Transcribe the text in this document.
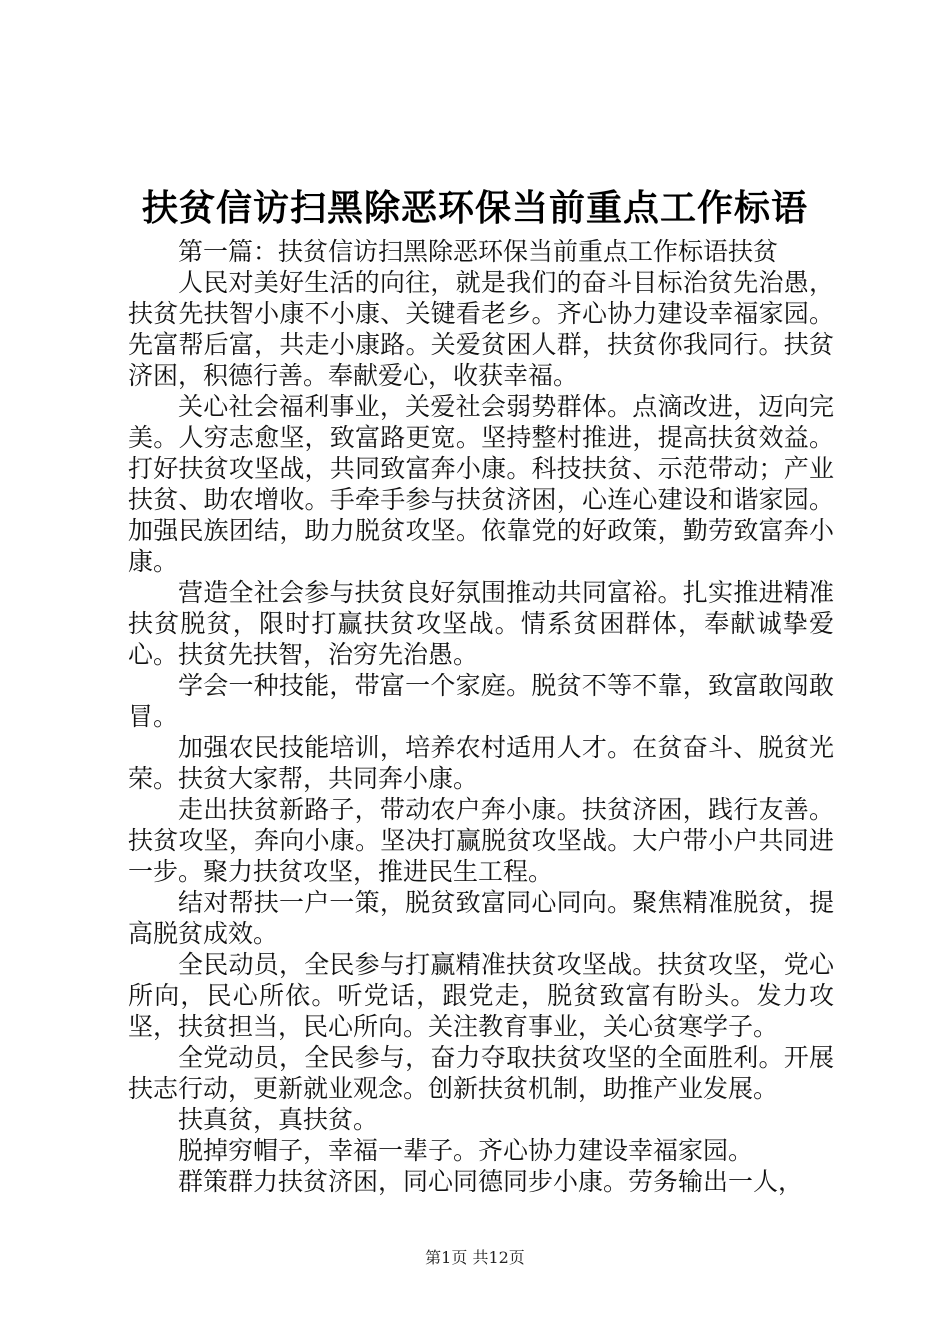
扶贫信访扫黑除恶环保当前重点工作标语

第一篇：扶贫信访扫黑除恶环保当前重点工作标语扶贫

人民对美好生活的向往，就是我们的奋斗目标治贫先治愚，扶贫先扶智小康不小康、关键看老乡。齐心协力建设幸福家园。先富帮后富，共走小康路。关爱贫困人群，扶贫你我同行。扶贫济困，积德行善。奉献爱心，收获幸福。

关心社会福利事业，关爱社会弱势群体。点滴改进，迈向完美。人穷志愈坚，致富路更宽。坚持整村推进，提高扶贫效益。打好扶贫攻坚战，共同致富奔小康。科技扶贫、示范带动；产业扶贫、助农增收。手牵手参与扶贫济困，心连心建设和谐家园。加强民族团结，助力脱贫攻坚。依靠党的好政策，勤劳致富奔小康。

营造全社会参与扶贫良好氛围推动共同富裕。扎实推进精准扶贫脱贫，限时打赢扶贫攻坚战。情系贫困群体，奉献诚挚爱心。扶贫先扶智，治穷先治愚。

学会一种技能，带富一个家庭。脱贫不等不靠，致富敢闯敢冒。

加强农民技能培训，培养农村适用人才。在贫奋斗、脱贫光荣。扶贫大家帮，共同奔小康。

走出扶贫新路子，带动农户奔小康。扶贫济困，践行友善。扶贫攻坚，奔向小康。坚决打赢脱贫攻坚战。大户带小户共同进一步。聚力扶贫攻坚，推进民生工程。

结对帮扶一户一策，脱贫致富同心同向。聚焦精准脱贫，提高脱贫成效。

全民动员，全民参与打赢精准扶贫攻坚战。扶贫攻坚，党心所向，民心所依。听党话，跟党走，脱贫致富有盼头。发力攻坚，扶贫担当，民心所向。关注教育事业，关心贫寒学子。

全党动员，全民参与，奋力夺取扶贫攻坚的全面胜利。开展扶志行动，更新就业观念。创新扶贫机制，助推产业发展。

扶真贫，真扶贫。

脱掉穷帽子，幸福一辈子。齐心协力建设幸福家园。

群策群力扶贫济困，同心同德同步小康。劳务输出一人，

第1页 共12页
